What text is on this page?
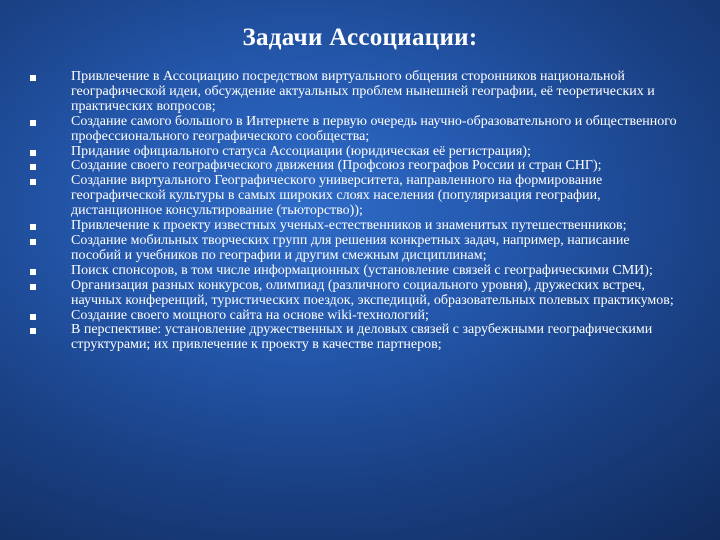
Задачи Ассоциации:
Привлечение в Ассоциацию посредством виртуального общения сторонников национальной географической идеи, обсуждение актуальных проблем нынешней географии, её теоретических и практических вопросов;
Создание самого большого в Интернете в первую очередь научно-образовательного и общественного профессионального географического сообщества;
Придание официального статуса Ассоциации (юридическая её регистрация);
Создание своего географического движения (Профсоюз географов России и стран СНГ);
Создание виртуального Географического университета, направленного на формирование географической культуры в самых широких слоях населения (популяризация географии, дистанционное консультирование (тьюторство));
Привлечение к проекту известных ученых-естественников и знаменитых путешественников;
Создание мобильных творческих групп для решения конкретных задач, например, написание пособий и учебников по географии и другим смежным дисциплинам;
Поиск спонсоров, в том числе информационных (установление связей с географическими СМИ);
Организация разных конкурсов, олимпиад (различного социального уровня), дружеских встреч, научных конференций, туристических поездок, экспедиций, образовательных полевых практикумов;
Создание своего мощного сайта на основе wiki-технологий;
В перспективе: установление дружественных и деловых связей с зарубежными географическими структурами; их привлечение к проекту в качестве партнеров;
